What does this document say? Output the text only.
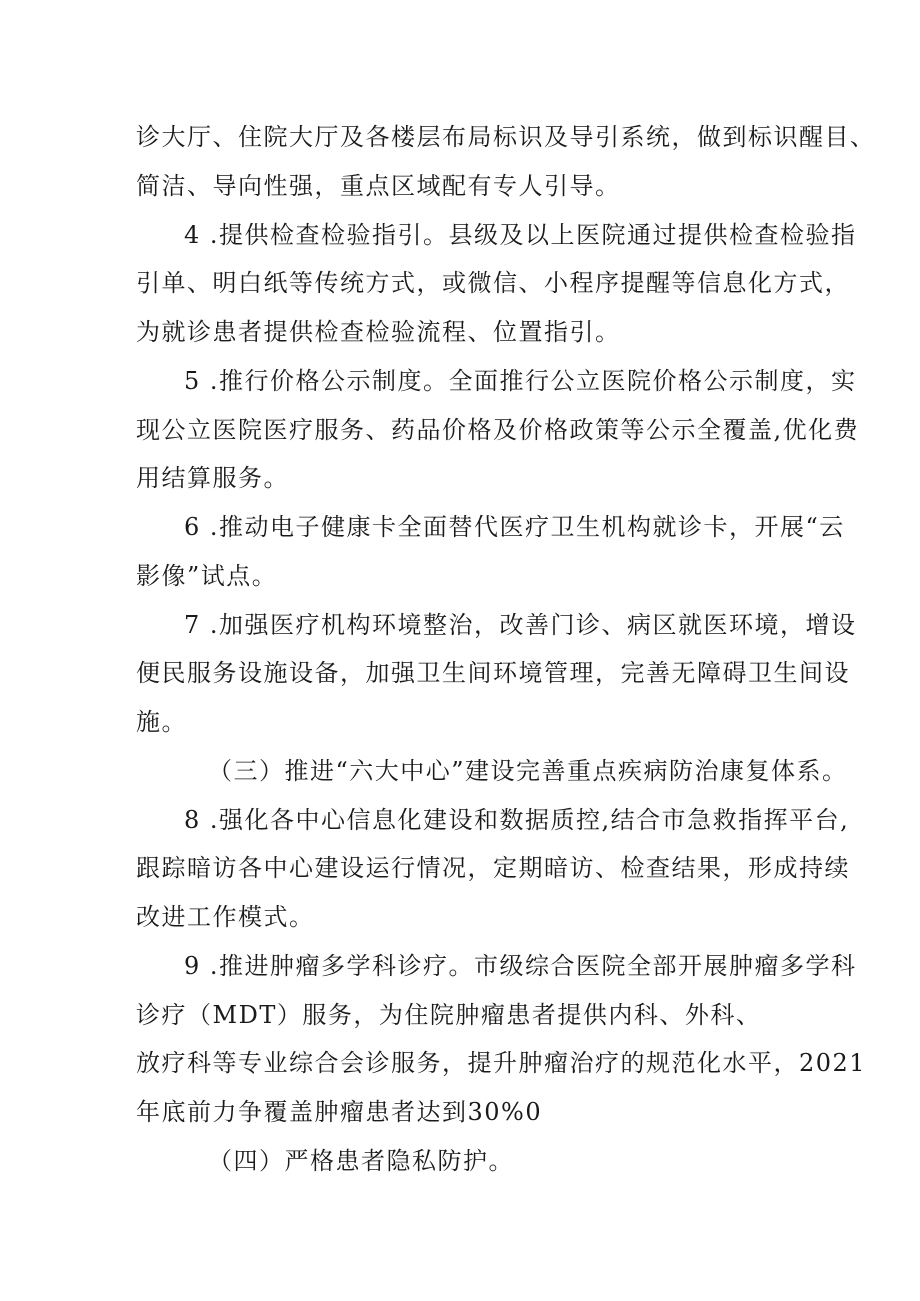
诊大厅、住院大厅及各楼层布局标识及导引系统，做到标识醒目、
简洁、导向性强，重点区域配有专人引导。
4 .提供检查检验指引。县级及以上医院通过提供检查检验指
引单、明白纸等传统方式，或微信、小程序提醒等信息化方式，
为就诊患者提供检查检验流程、位置指引。
5 .推行价格公示制度。全面推行公立医院价格公示制度，实
现公立医院医疗服务、药品价格及价格政策等公示全覆盖,优化费
用结算服务。
6 .推动电子健康卡全面替代医疗卫生机构就诊卡，开展“云
影像”试点。
7 .加强医疗机构环境整治，改善门诊、病区就医环境，增设
便民服务设施设备，加强卫生间环境管理，完善无障碍卫生间设
施。
（三）推进“六大中心”建设完善重点疾病防治康复体系。
8 .强化各中心信息化建设和数据质控,结合市急救指挥平台,
跟踪暗访各中心建设运行情况，定期暗访、检查结果，形成持续
改进工作模式。
9 .推进肿瘤多学科诊疗。市级综合医院全部开展肿瘤多学科
诊疗（MDT）服务，为住院肿瘤患者提供内科、外科、
放疗科等专业综合会诊服务，提升肿瘤治疗的规范化水平，2021
年底前力争覆盖肿瘤患者达到30%0
（四）严格患者隐私防护。
